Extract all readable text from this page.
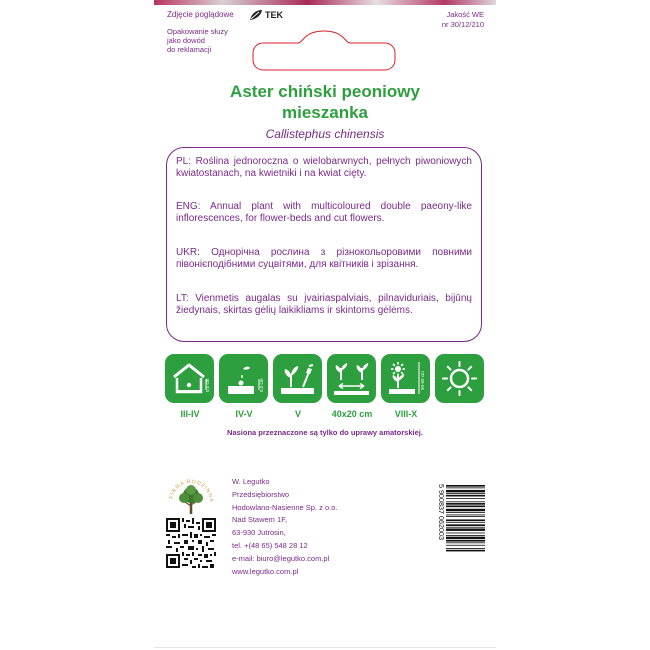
Zdjęcie poglądowe	TEK
Opakowanie służy
jako dowód
do reklamacji
Jakość WE
nr 30/12/210
Aster chiński peoniowy
mieszanka
Callistephus chinensis

PL: Roślina jednoroczna o wielobarwnych, pełnych piwoniowych kwiatostanach, na kwietniki i na kwiat cięty.

ENG: Annual plant with multicoloured double paeony-like inflorescences, for flower-beds and cut flowers.

UKR: Однорічна рослина з різнокольоровими повними півонієподібними суцвітями, для квітників і зрізання.

LT: Vienmetis augalas su įvairiaspalviais, pilnavidurіais, bijūnų žiedynais, skirtas gėlių laikikliams ir skintoms gėlėms.

0,5 cm	0,5 cm	50-60 cm
III-IV	IV-V	V	40x20 cm	VIII-X
Nasiona przeznaczone są tylko do uprawy amatorskiej.
FIRMA RODZINNA
W. Legutko
Przedsiębiorstwo
Hodowlano-Nasienne Sp. z o.o.
Nad Stawem 1F,
63-930 Jutrosin,
tel. +(48 65) 548 28 12
e-mail: biuro@legutko.com.pl
www.legutko.com.pl
5 900837 062003
